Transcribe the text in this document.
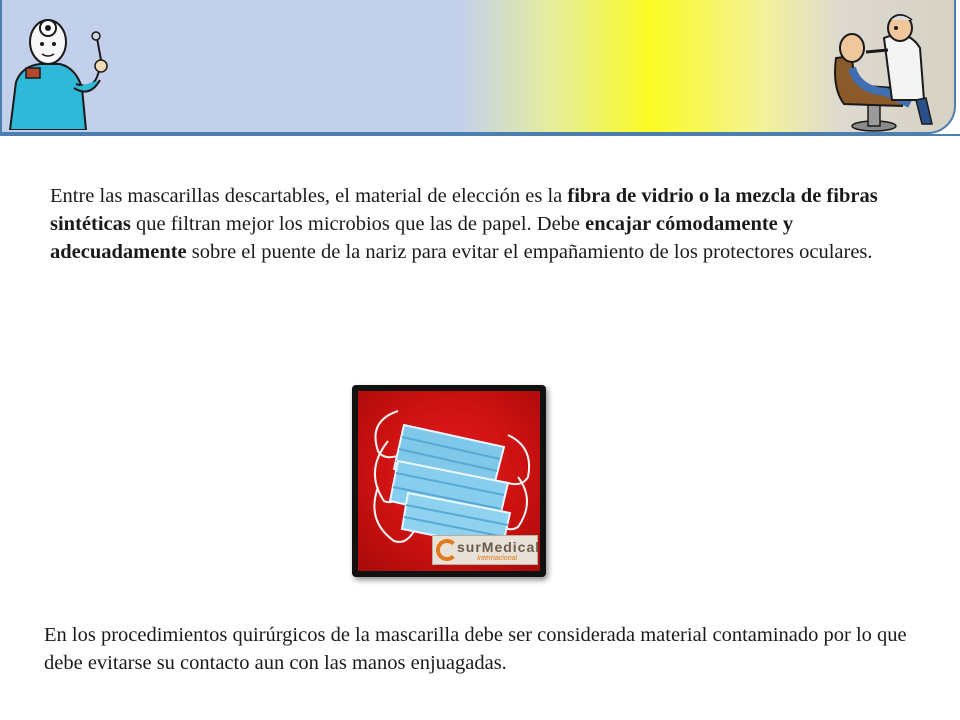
Entre las mascarillas descartables, el material de elección es la fibra de vidrio o la mezcla de fibras sintéticas que filtran mejor los microbios que las de papel. Debe encajar cómodamente y adecuadamente sobre el puente de la nariz para evitar el empañamiento de los protectores oculares.

surMedical
Internacional

En los procedimientos quirúrgicos de la mascarilla debe ser considerada material contaminado por lo que debe evitarse su contacto aun con las manos enjuagadas.
